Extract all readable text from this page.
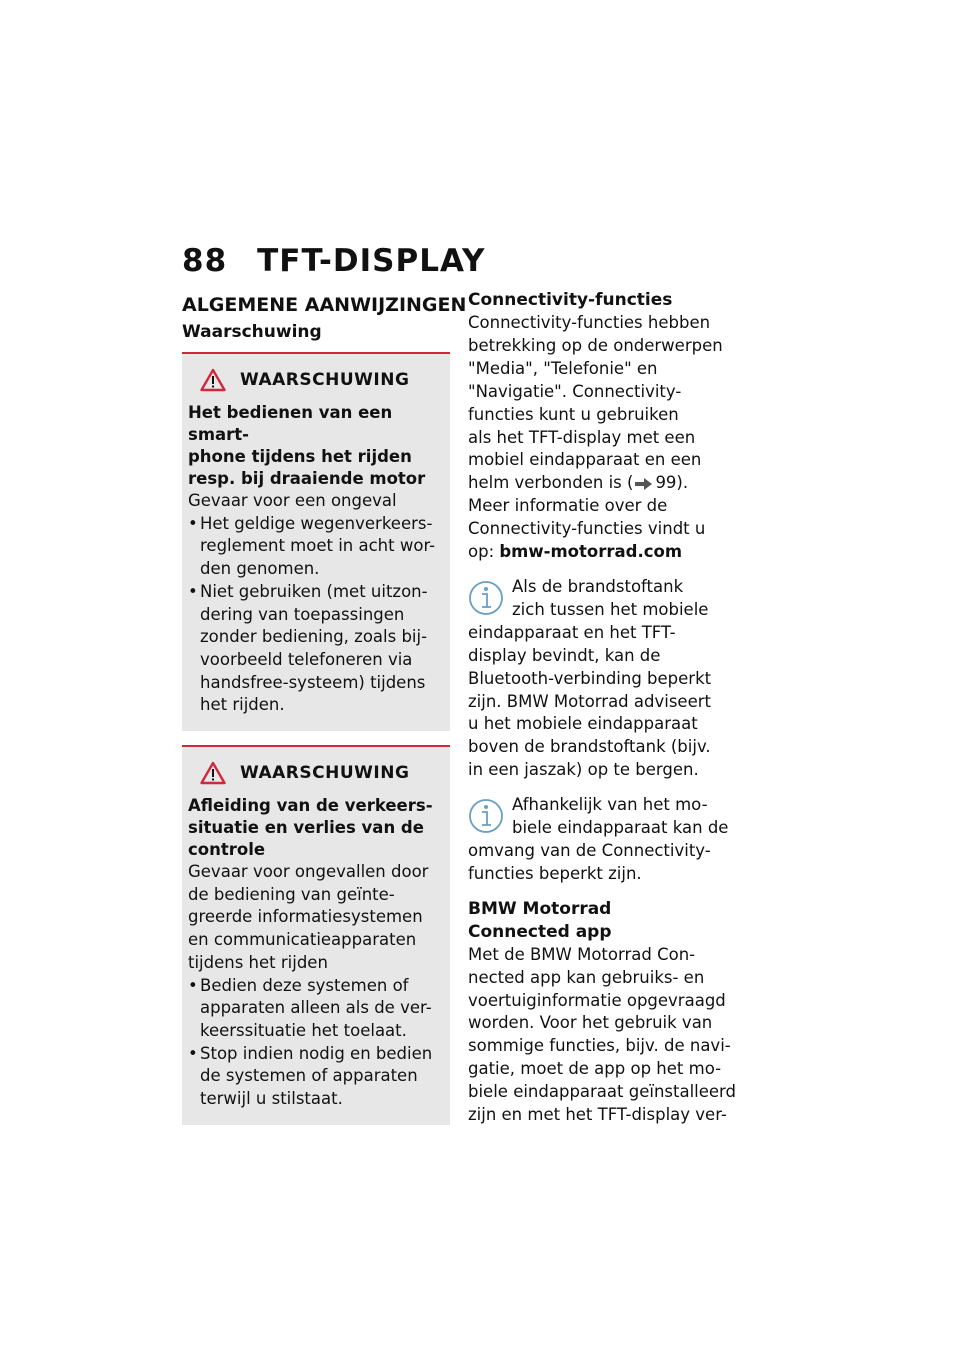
88 TFT-DISPLAY
ALGEMENE AANWIJZINGEN
Waarschuwing
WAARSCHUWING
Het bedienen van een smart-
phone tijdens het rijden
resp. bij draaiende motor
Gevaar voor een ongeval
• Het geldige wegenverkeers-
reglement moet in acht wor-
den genomen.
• Niet gebruiken (met uitzon-
dering van toepassingen
zonder bediening, zoals bij-
voorbeeld telefoneren via
handsfree-systeem) tijdens
het rijden.
WAARSCHUWING
Afleiding van de verkeers-
situatie en verlies van de
controle
Gevaar voor ongevallen door
de bediening van geïnte-
greerde informatiesystemen
en communicatieapparaten
tijdens het rijden
• Bedien deze systemen of
apparaten alleen als de ver-
keerssituatie het toelaat.
• Stop indien nodig en bedien
de systemen of apparaten
terwijl u stilstaat.
Connectivity-functies
Connectivity-functies hebben
betrekking op de onderwerpen
"Media", "Telefonie" en
"Navigatie". Connectivity-
functies kunt u gebruiken
als het TFT-display met een
mobiel eindapparaat en een
helm verbonden is ( 99).
Meer informatie over de
Connectivity-functies vindt u
op: bmw-motorrad.com
Als de brandstoftank
zich tussen het mobiele
eindapparaat en het TFT-
display bevindt, kan de
Bluetooth-verbinding beperkt
zijn. BMW Motorrad adviseert
u het mobiele eindapparaat
boven de brandstoftank (bijv.
in een jaszak) op te bergen.
Afhankelijk van het mo-
biele eindapparaat kan de
omvang van de Connectivity-
functies beperkt zijn.
BMW Motorrad
Connected app
Met de BMW Motorrad Con-
nected app kan gebruiks- en
voertuiginformatie opgevraagd
worden. Voor het gebruik van
sommige functies, bijv. de navi-
gatie, moet de app op het mo-
biele eindapparaat geïnstalleerd
zijn en met het TFT-display ver-
